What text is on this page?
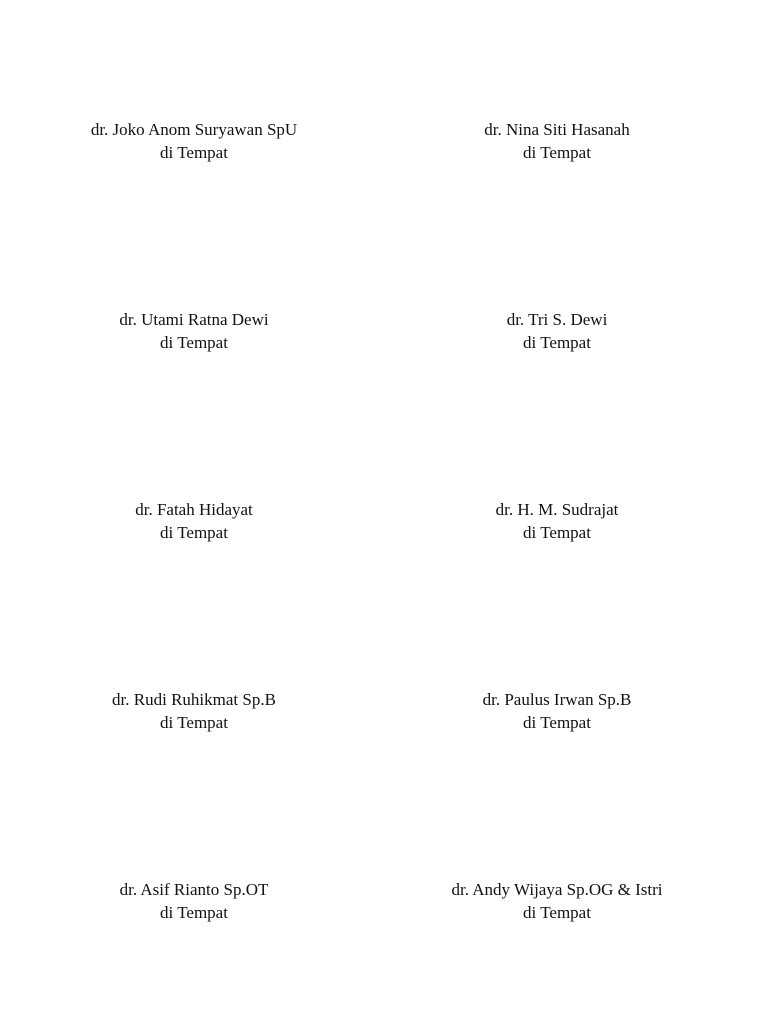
dr. Joko Anom Suryawan SpU
di Tempat
dr. Nina Siti Hasanah
di Tempat
dr. Utami Ratna Dewi
di Tempat
dr. Tri S. Dewi
di Tempat
dr. Fatah Hidayat
di Tempat
dr. H. M. Sudrajat
di Tempat
dr. Rudi Ruhikmat Sp.B
di Tempat
dr. Paulus Irwan Sp.B
di Tempat
dr. Asif Rianto Sp.OT
di Tempat
dr. Andy Wijaya Sp.OG & Istri
di Tempat
